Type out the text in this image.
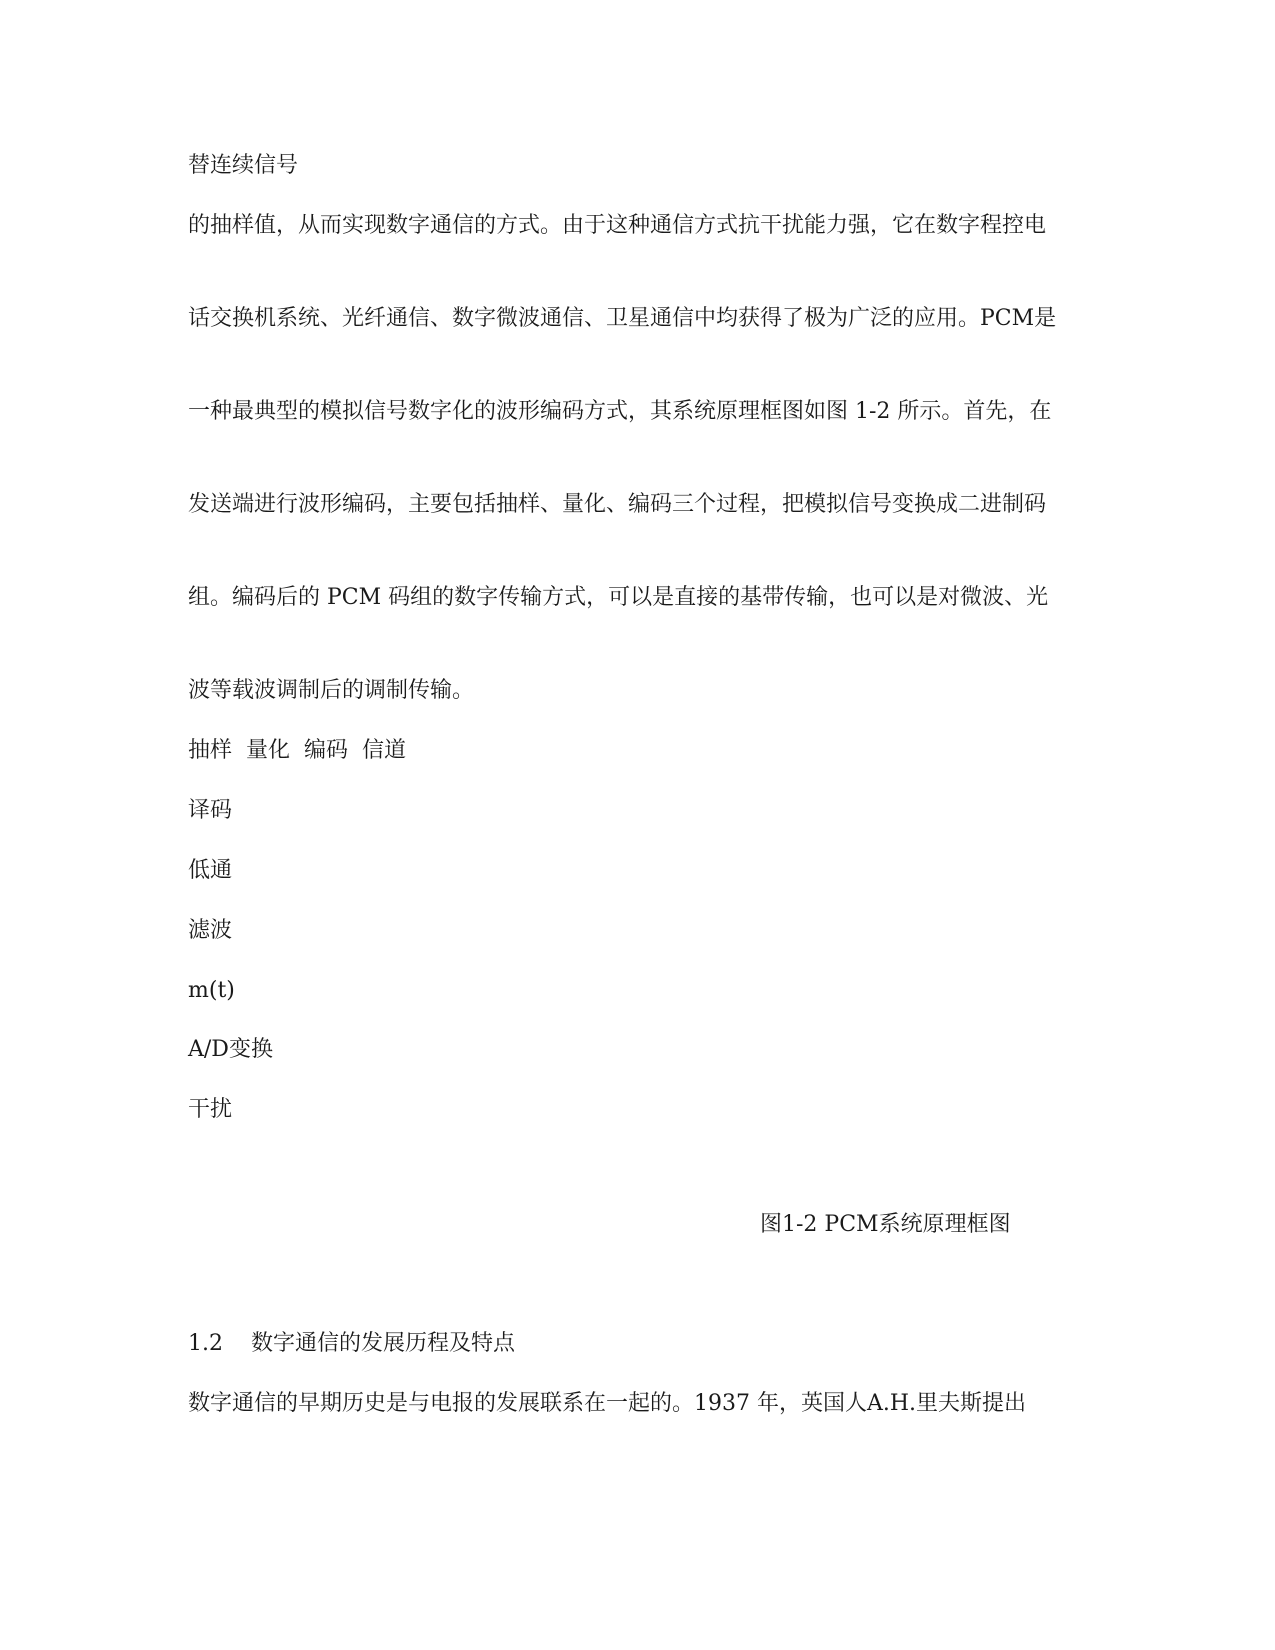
替连续信号
的抽样值，从而实现数字通信的方式。由于这种通信方式抗干扰能力强，它在数字程控电
话交换机系统、光纤通信、数字微波通信、卫星通信中均获得了极为广泛的应用。PCM是
一种最典型的模拟信号数字化的波形编码方式，其系统原理框图如图 1-2 所示。首先，在
发送端进行波形编码，主要包括抽样、量化、编码三个过程，把模拟信号变换成二进制码
组。编码后的 PCM 码组的数字传输方式，可以是直接的基带传输，也可以是对微波、光
波等载波调制后的调制传输。
抽样  量化  编码  信道
译码
低通
滤波
m(t)
A/D变换
干扰
图1-2 PCM系统原理框图
1.2    数字通信的发展历程及特点
数字通信的早期历史是与电报的发展联系在一起的。1937 年，英国人A.H.里夫斯提出
